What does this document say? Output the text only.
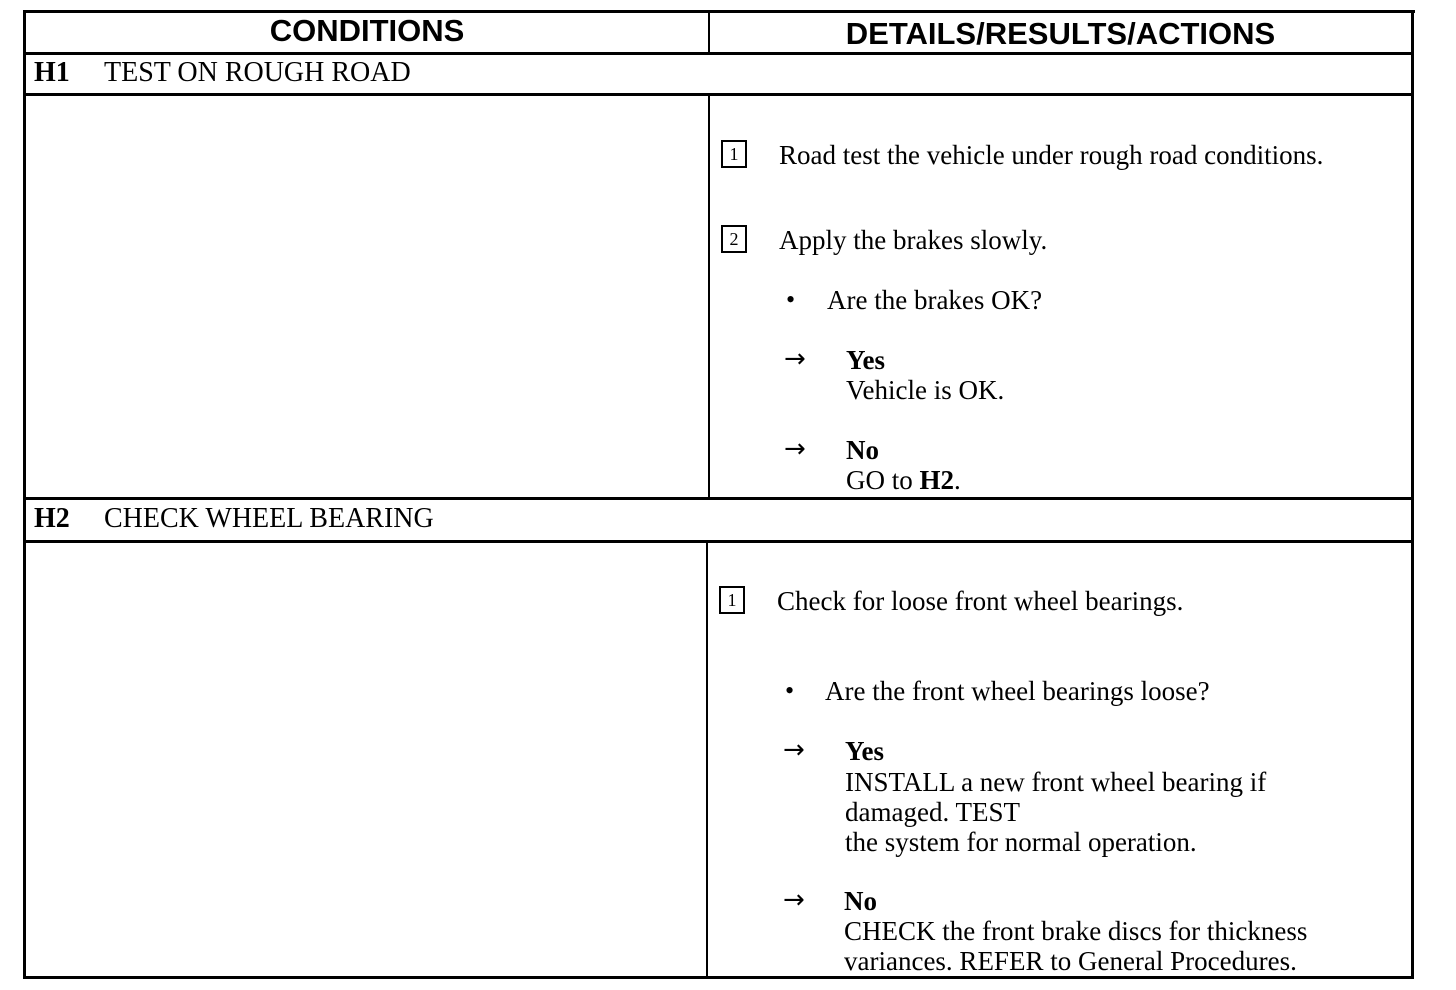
CONDITIONS	DETAILS/RESULTS/ACTIONS
H1 TEST ON ROUGH ROAD
1	Road test the vehicle under rough road conditions.
2	Apply the brakes slowly.
• Are the brakes OK?
→ Yes
Vehicle is OK.
→ No
GO to H2.
H2 CHECK WHEEL BEARING
1	Check for loose front wheel bearings.
• Are the front wheel bearings loose?
→ Yes
INSTALL a new front wheel bearing if
damaged. TEST
the system for normal operation.
→ No
CHECK the front brake discs for thickness
variances. REFER to General Procedures.
